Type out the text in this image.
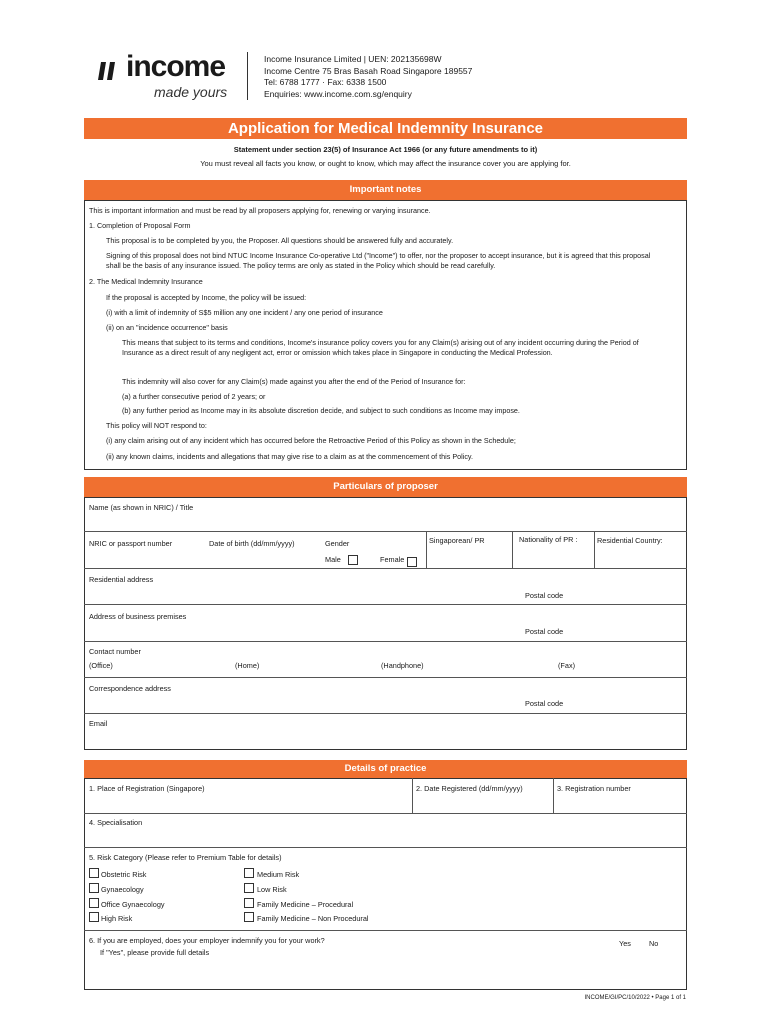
income
made yours
Income Insurance Limited | UEN: 202135698W
Income Centre 75 Bras Basah Road Singapore 189557
Tel: 6788 1777 · Fax: 6338 1500
Enquiries: www.income.com.sg/enquiry
Application for Medical Indemnity Insurance
Statement under section 23(5) of Insurance Act 1966 (or any future amendments to it)
You must reveal all facts you know, or ought to know, which may affect the insurance cover you are applying for.
Important notes
This is important information and must be read by all proposers applying for, renewing or varying insurance.
1. Completion of Proposal Form
This proposal is to be completed by you, the Proposer. All questions should be answered fully and accurately.
Signing of this proposal does not bind NTUC Income Insurance Co-operative Ltd ("Income") to offer, nor the proposer to accept insurance, but it is agreed that this proposal shall be the basis of any insurance issued. The policy terms are only as stated in the Policy which should be read carefully.
2. The Medical Indemnity Insurance
If the proposal is accepted by Income, the policy will be issued:
(i) with a limit of indemnity of S$5 million any one incident / any one period of insurance
(ii) on an "incidence occurrence" basis
This means that subject to its terms and conditions, Income's insurance policy covers you for any Claim(s) arising out of any incident occurring during the Period of Insurance as a direct result of any negligent act, error or omission which takes place in Singapore in conducting the Medical Profession.
This indemnity will also cover for any Claim(s) made against you after the end of the Period of Insurance for:
(a) a further consecutive period of 2 years; or
(b) any further period as Income may in its absolute discretion decide, and subject to such conditions as Income may impose.
This policy will NOT respond to:
(i) any claim arising out of any incident which has occurred before the Retroactive Period of this Policy as shown in the Schedule;
(ii) any known claims, incidents and allegations that may give rise to a claim as at the commencement of this Policy.
Particulars of proposer
Name (as shown in NRIC) / Title
NRIC or passport number	Date of birth (dd/mm/yyyy)	Gender
Male	Female
Singaporean/ PR	Nationality of PR :	Residential Country:
Residential address
Postal code
Address of business premises
Postal code
Contact number
(Office)	(Home)	(Handphone)	(Fax)
Correspondence address
Postal code
Email
Details of practice
1. Place of Registration (Singapore)	2. Date Registered (dd/mm/yyyy)	3. Registration number
4. Specialisation
5. Risk Category (Please refer to Premium Table for details)
Obstetric Risk
Gynaecology
Office Gynaecology
High Risk
Medium Risk
Low Risk
Family Medicine – Procedural
Family Medicine – Non Procedural
6. If you are employed, does your employer indemnify you for your work?
If "Yes", please provide full details
Yes No
INCOME/GI/PC/10/2022 • Page 1 of 1
